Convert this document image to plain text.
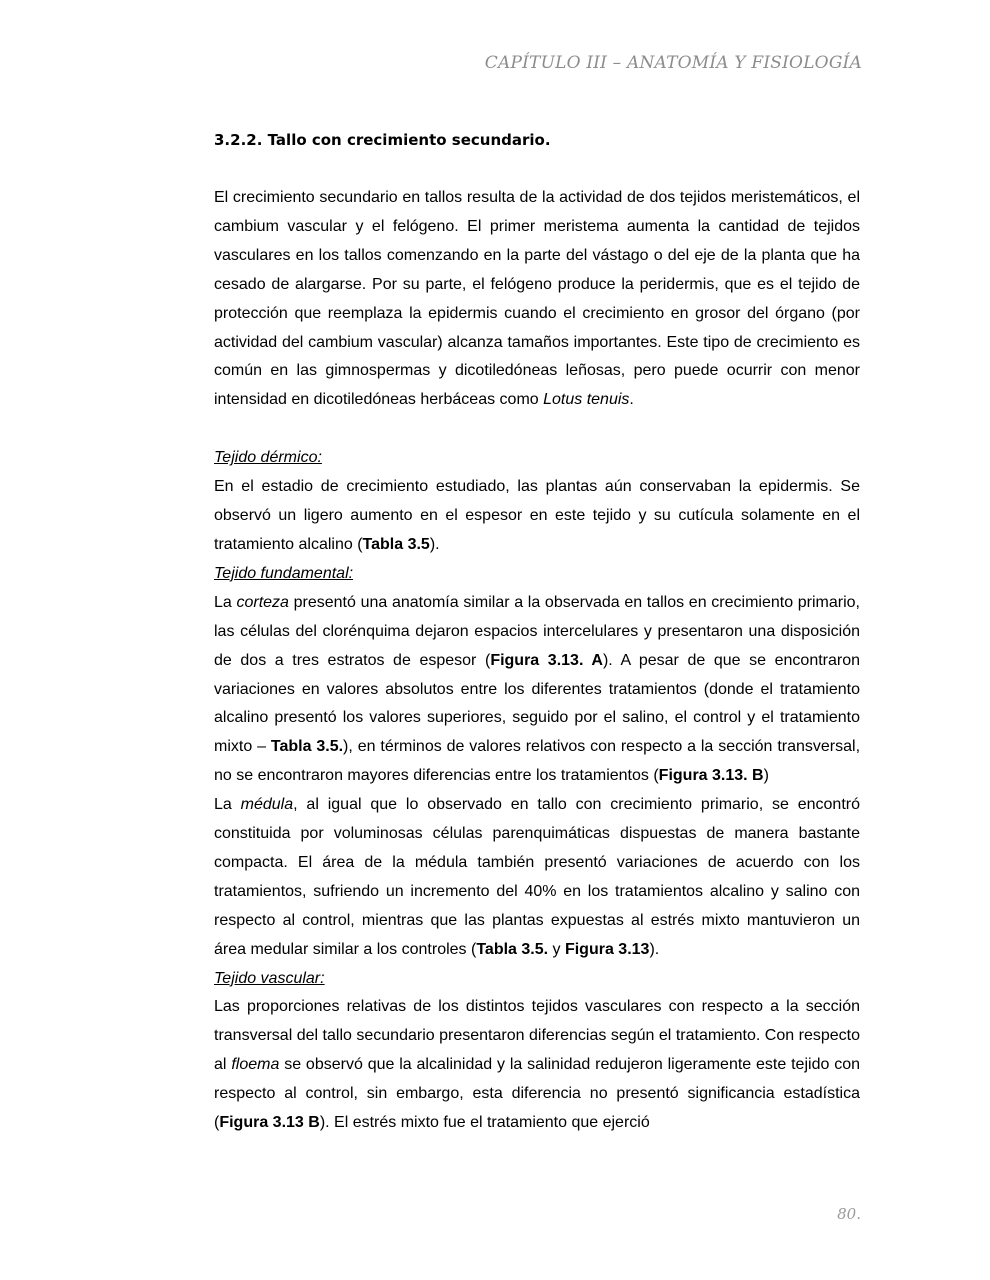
CAPÍTULO III – ANATOMÍA Y FISIOLOGÍA
3.2.2. Tallo con crecimiento secundario.

El crecimiento secundario en tallos resulta de la actividad de dos tejidos meristemáticos, el cambium vascular y el felógeno. El primer meristema aumenta la cantidad de tejidos vasculares en los tallos comenzando en la parte del vástago o del eje de la planta que ha cesado de alargarse. Por su parte, el felógeno produce la peridermis, que es el tejido de protección que reemplaza la epidermis cuando el crecimiento en grosor del órgano (por actividad del cambium vascular) alcanza tamaños importantes. Este tipo de crecimiento es común en las gimnospermas y dicotiledóneas leñosas, pero puede ocurrir con menor intensidad en dicotiledóneas herbáceas como Lotus tenuis.

Tejido dérmico:

En el estadio de crecimiento estudiado, las plantas aún conservaban la epidermis. Se observó un ligero aumento en el espesor en este tejido y su cutícula solamente en el tratamiento alcalino (Tabla 3.5).

Tejido fundamental:

La corteza presentó una anatomía similar a la observada en tallos en crecimiento primario, las células del clorénquima dejaron espacios intercelulares y presentaron una disposición de dos a tres estratos de espesor (Figura 3.13. A). A pesar de que se encontraron variaciones en valores absolutos entre los diferentes tratamientos (donde el tratamiento alcalino presentó los valores superiores, seguido por el salino, el control y el tratamiento mixto – Tabla 3.5.), en términos de valores relativos con respecto a la sección transversal, no se encontraron mayores diferencias entre los tratamientos (Figura 3.13. B)

La médula, al igual que lo observado en tallo con crecimiento primario, se encontró constituida por voluminosas células parenquimáticas dispuestas de manera bastante compacta. El área de la médula también presentó variaciones de acuerdo con los tratamientos, sufriendo un incremento del 40% en los tratamientos alcalino y salino con respecto al control, mientras que las plantas expuestas al estrés mixto mantuvieron un área medular similar a los controles (Tabla 3.5. y Figura 3.13).

Tejido vascular:

Las proporciones relativas de los distintos tejidos vasculares con respecto a la sección transversal del tallo secundario presentaron diferencias según el tratamiento. Con respecto al floema se observó que la alcalinidad y la salinidad redujeron ligeramente este tejido con respecto al control, sin embargo, esta diferencia no presentó significancia estadística (Figura 3.13 B). El estrés mixto fue el tratamiento que ejerció

80.
